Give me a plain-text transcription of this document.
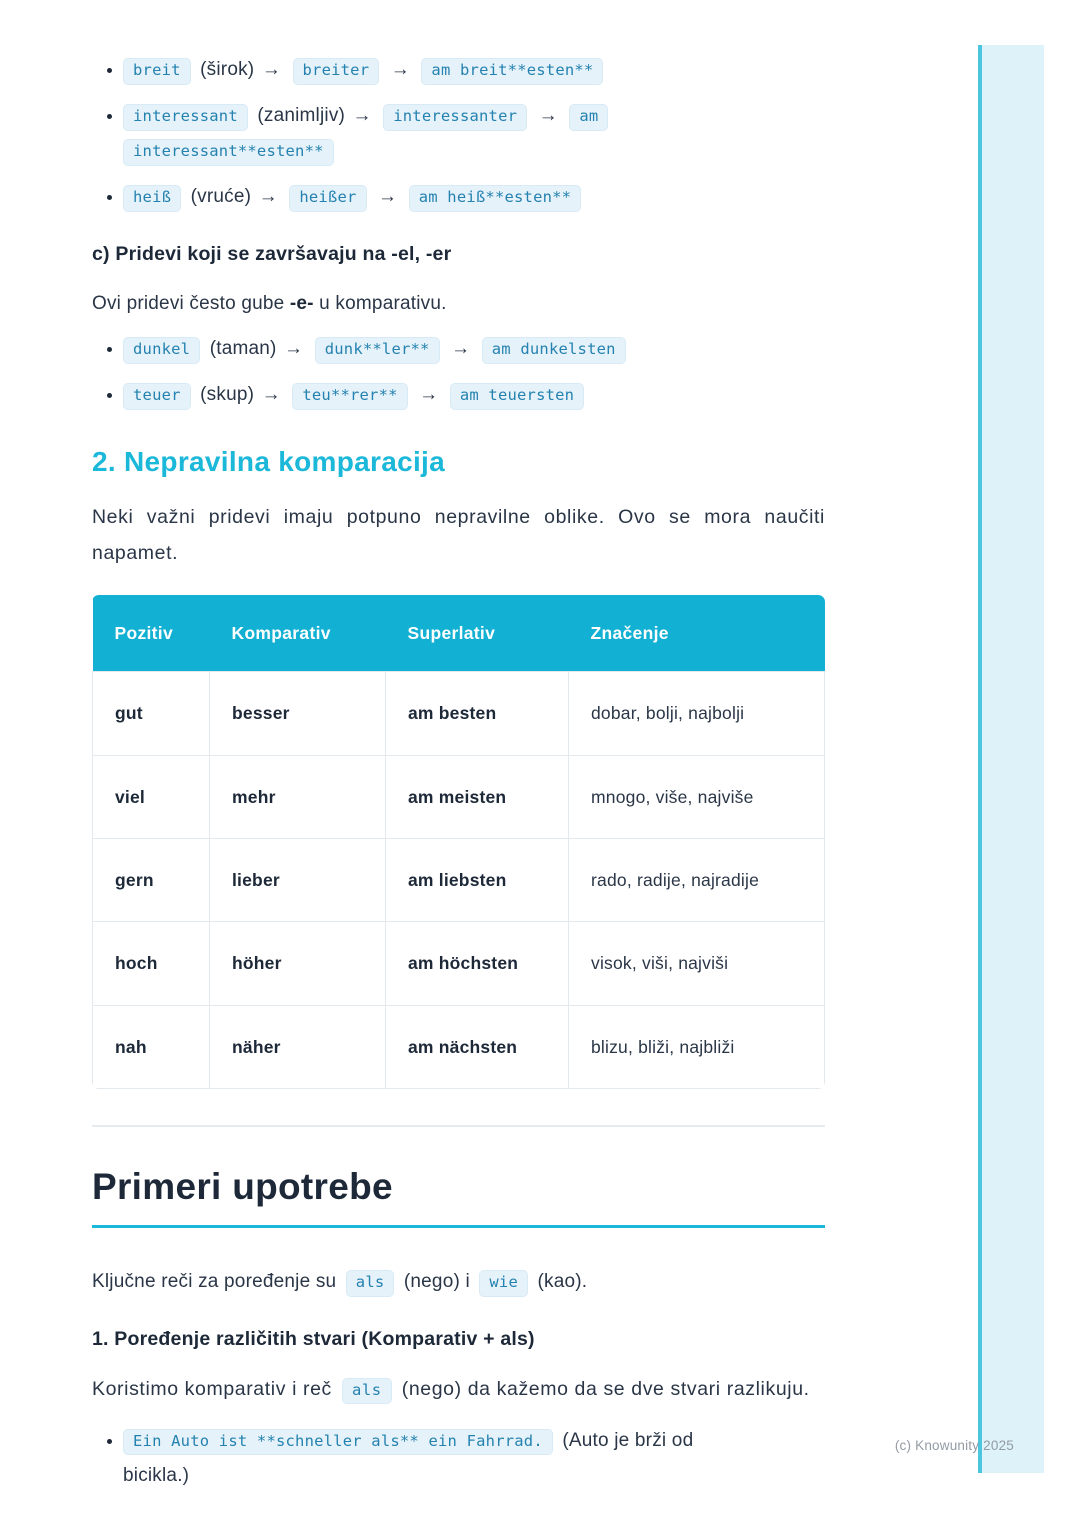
• breit (širok) → breiter → am breit**esten**
• interessant (zanimljiv) → interessanter → am
interessant**esten**
• heiß (vruće) → heißer → am heiß**esten**
c) Pridevi koji se završavaju na -el, -er

Ovi pridevi često gube -e- u komparativu.

• dunkel (taman) → dunk**ler** → am dunkelsten
• teuer (skup) → teu**rer** → am teuersten
2. Nepravilna komparacija

Neki važni pridevi imaju potpuno nepravilne oblike. Ovo se mora naučiti napamet.

Pozitiv	Komparativ	Superlativ	Značenje
gut	besser	am besten	dobar, bolji, najbolji
viel	mehr	am meisten	mnogo, više, najviše
gern	lieber	am liebsten	rado, radije, najradije
hoch	höher	am höchsten	visok, viši, najviši
nah	näher	am nächsten	blizu, bliži, najbliži
Primeri upotrebe

Ključne reči za poređenje su als (nego) i wie (kao).

1. Poređenje različitih stvari (Komparativ + als)

Koristimo komparativ i reč als (nego) da kažemo da se dve stvari razlikuju.

• Ein Auto ist **schneller als** ein Fahrrad. (Auto je brži od bicikla.)
(c) Knowunity 2025
